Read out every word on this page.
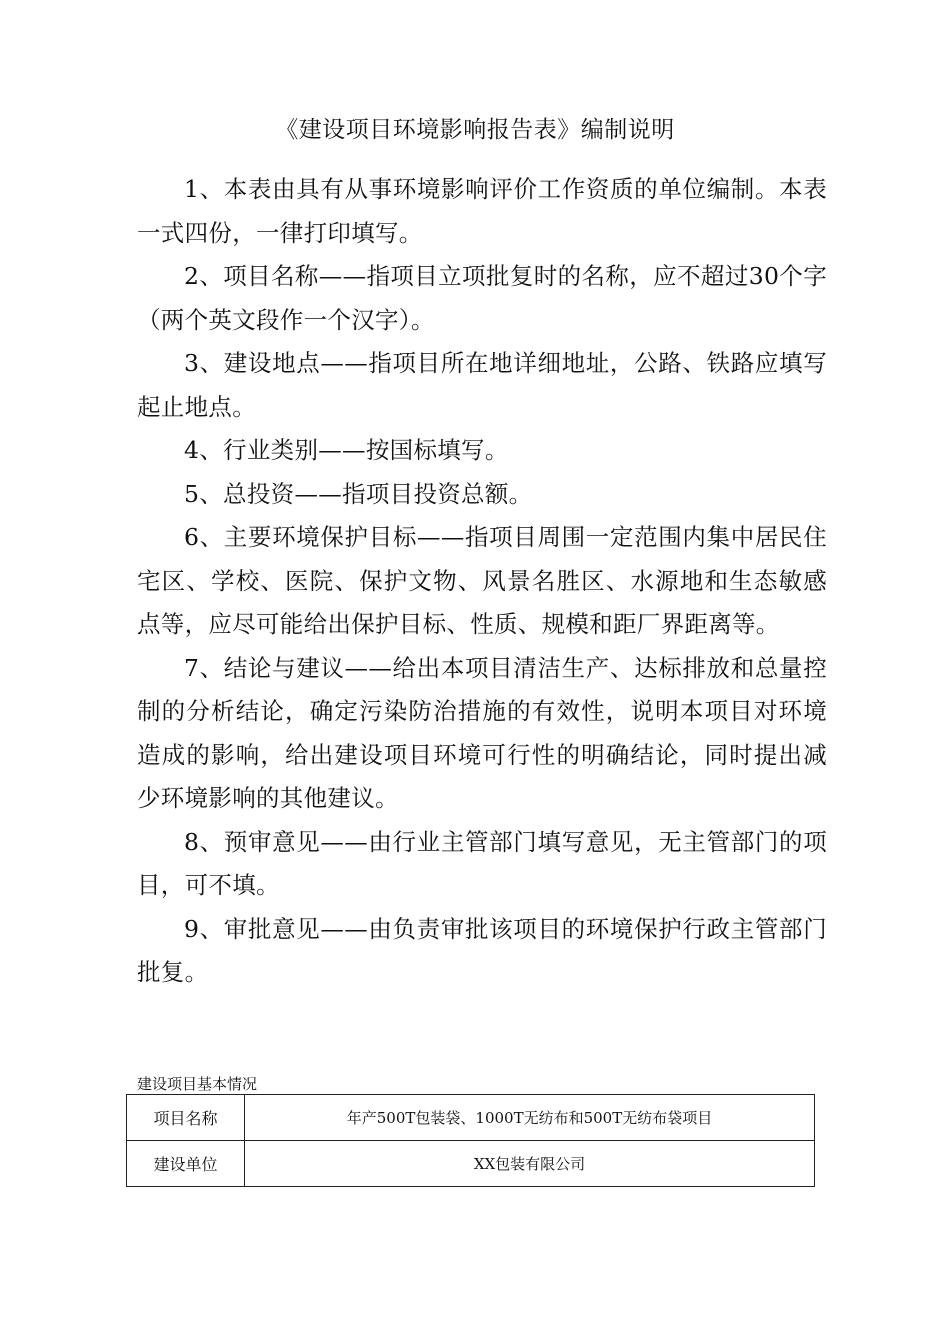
《建设项目环境影响报告表》编制说明

1、本表由具有从事环境影响评价工作资质的单位编制。本表一式四份，一律打印填写。

2、项目名称——指项目立项批复时的名称，应不超过30个字（两个英文段作一个汉字）。

3、建设地点——指项目所在地详细地址，公路、铁路应填写起止地点。

4、行业类别——按国标填写。

5、总投资——指项目投资总额。

6、主要环境保护目标——指项目周围一定范围内集中居民住宅区、学校、医院、保护文物、风景名胜区、水源地和生态敏感点等，应尽可能给出保护目标、性质、规模和距厂界距离等。

7、结论与建议——给出本项目清洁生产、达标排放和总量控制的分析结论，确定污染防治措施的有效性，说明本项目对环境造成的影响，给出建设项目环境可行性的明确结论，同时提出减少环境影响的其他建议。

8、预审意见——由行业主管部门填写意见，无主管部门的项目，可不填。

9、审批意见——由负责审批该项目的环境保护行政主管部门批复。

建设项目基本情况
项目名称	年产500T包装袋、1000T无纺布和500T无纺布袋项目
建设单位	XX包装有限公司
